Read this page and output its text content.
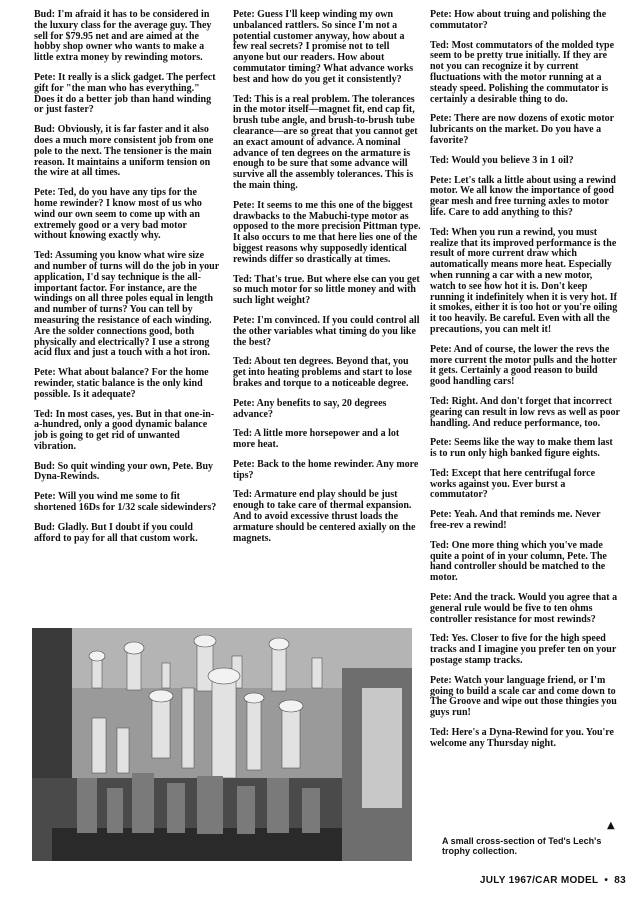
Bud: I'm afraid it has to be considered in the luxury class for the average guy. They sell for $79.95 net and are aimed at the hobby shop owner who wants to make a little extra money by rewinding motors.

Pete: It really is a slick gadget. The perfect gift for "the man who has everything." Does it do a better job than hand winding or just faster?

Bud: Obviously, it is far faster and it also does a much more consistent job from one pole to the next. The tensioner is the main reason. It maintains a uniform tension on the wire at all times.

Pete: Ted, do you have any tips for the home rewinder? I know most of us who wind our own seem to come up with an extremely good or a very bad motor without knowing exactly why.

Ted: Assuming you know what wire size and number of turns will do the job in your application, I'd say technique is the all-important factor. For instance, are the windings on all three poles equal in length and number of turns? You can tell by measuring the resistance of each winding. Are the solder connections good, both physically and electrically? I use a strong acid flux and just a touch with a hot iron.

Pete: What about balance? For the home rewinder, static balance is the only kind possible. Is it adequate?

Ted: In most cases, yes. But in that one-in-a-hundred, only a good dynamic balance job is going to get rid of unwanted vibration.

Bud: So quit winding your own, Pete. Buy Dyna-Rewinds.

Pete: Will you wind me some to fit shortened 16Ds for 1/32 scale sidewinders?

Bud: Gladly. But I doubt if you could afford to pay for all that custom work.

Pete: Guess I'll keep winding my own unbalanced rattlers. So since I'm not a potential customer anyway, how about a few real secrets? I promise not to tell anyone but our readers. How about commutator timing? What advance works best and how do you get it consistently?

Ted: This is a real problem. The tolerances in the motor itself—magnet fit, end cap fit, brush tube angle, and brush-to-brush tube clearance—are so great that you cannot get an exact amount of advance. A nominal advance of ten degrees on the armature is enough to be sure that some advance will survive all the assembly tolerances. This is the main thing.

Pete: It seems to me this one of the biggest drawbacks to the Mabuchi-type motor as opposed to the more precision Pittman type. It also occurs to me that here lies one of the biggest reasons why supposedly identical rewinds differ so drastically at times.

Ted: That's true. But where else can you get so much motor for so little money and with such light weight?

Pete: I'm convinced. If you could control all the other variables what timing do you like the best?

Ted: About ten degrees. Beyond that, you get into heating problems and start to lose brakes and torque to a noticeable degree.

Pete: Any benefits to say, 20 degrees advance?

Ted: A little more horsepower and a lot more heat.

Pete: Back to the home rewinder. Any more tips?

Ted: Armature end play should be just enough to take care of thermal expansion. And to avoid excessive thrust loads the armature should be centered axially on the magnets.

Pete: How about truing and polishing the commutator?

Ted: Most commutators of the molded type seem to be pretty true initially. If they are not you can recognize it by current fluctuations with the motor running at a steady speed. Polishing the commutator is certainly a desirable thing to do.

Pete: There are now dozens of exotic motor lubricants on the market. Do you have a favorite?

Ted: Would you believe 3 in 1 oil?

Pete: Let's talk a little about using a rewind motor. We all know the importance of good gear mesh and free turning axles to motor life. Care to add anything to this?

Ted: When you run a rewind, you must realize that its improved performance is the result of more current draw which automatically means more heat. Especially when running a car with a new motor, watch to see how hot it is. Don't keep running it indefinitely when it is very hot. If it smokes, either it is too hot or you're oiling it too heavily. Be careful. Even with all the precautions, you can melt it!

Pete: And of course, the lower the revs the more current the motor pulls and the hotter it gets. Certainly a good reason to build good handling cars!

Ted: Right. And don't forget that incorrect gearing can result in low revs as well as poor handling. And reduce performance, too.

Pete: Seems like the way to make them last is to run only high banked figure eights.

Ted: Except that here centrifugal force works against you. Ever burst a commutator?

Pete: Yeah. And that reminds me. Never free-rev a rewind!

Ted: One more thing which you've made quite a point of in your column, Pete. The hand controller should be matched to the motor.

Pete: And the track. Would you agree that a general rule would be five to ten ohms controller resistance for most rewinds?

Ted: Yes. Closer to five for the high speed tracks and I imagine you prefer ten on your postage stamp tracks.

Pete: Watch your language friend, or I'm going to build a scale car and come down to The Groove and wipe out those thingies you guys run!

Ted: Here's a Dyna-Rewind for you. You're welcome any Thursday night.

▲
A small cross-section of Ted's Lech's trophy collection.
JULY 1967/CAR MODEL • 83
